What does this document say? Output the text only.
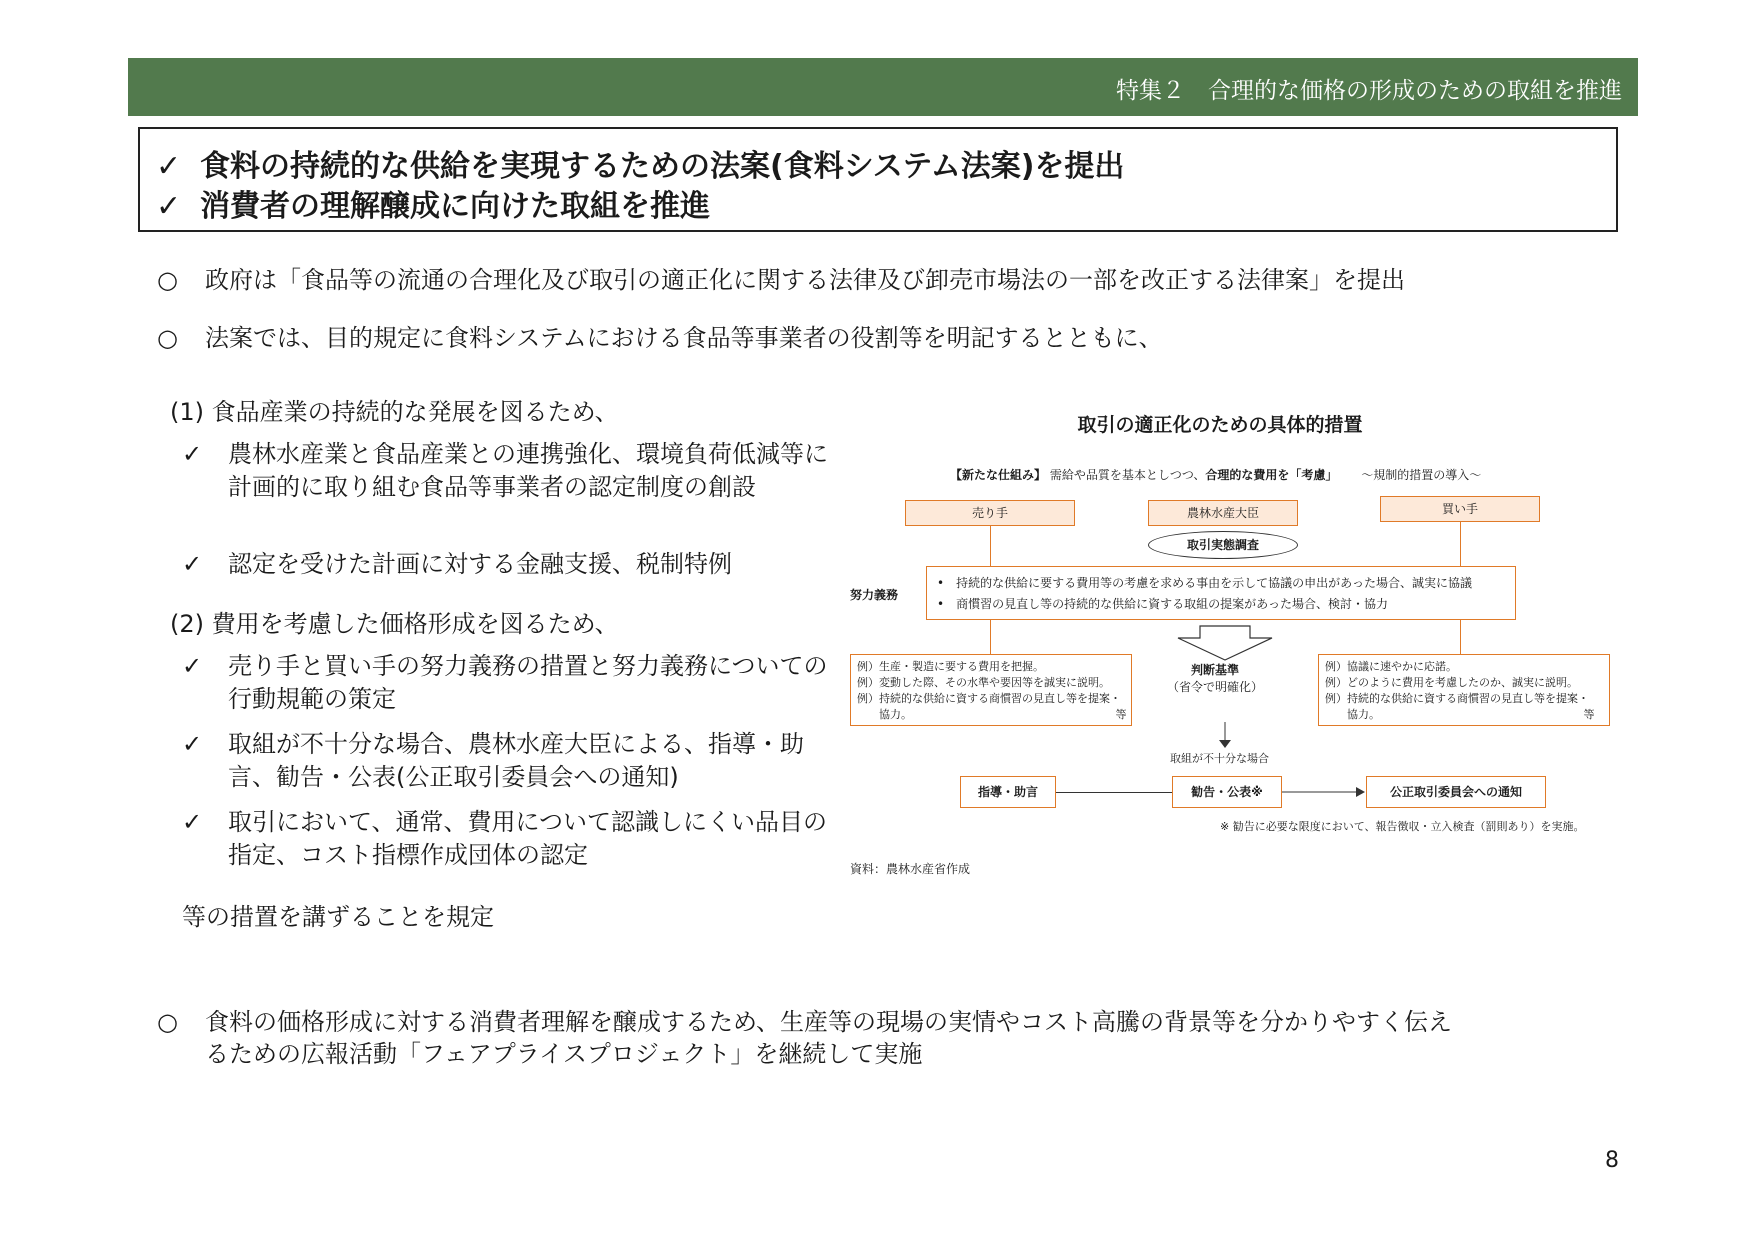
特集２　合理的な価格の形成のための取組を推進
✓ 食料の持続的な供給を実現するための法案(食料システム法案)を提出
✓ 消費者の理解醸成に向けた取組を推進
○ 政府は「食品等の流通の合理化及び取引の適正化に関する法律及び卸売市場法の一部を改正する法律案」を提出
○ 法案では、目的規定に食料システムにおける食品等事業者の役割等を明記するとともに、
(1) 食品産業の持続的な発展を図るため、
✓ 農林水産業と食品産業との連携強化、環境負荷低減等に計画的に取り組む食品等事業者の認定制度の創設
✓ 認定を受けた計画に対する金融支援、税制特例
(2) 費用を考慮した価格形成を図るため、
✓ 売り手と買い手の努力義務の措置と努力義務についての行動規範の策定
✓ 取組が不十分な場合、農林水産大臣による、指導・助言、勧告・公表(公正取引委員会への通知)
✓ 取引において、通常、費用について認識しにくい品目の指定、コスト指標作成団体の認定
等の措置を講ずることを規定
取引の適正化のための具体的措置
【新たな仕組み】 需給や品質を基本としつつ、合理的な費用を「考慮」 ～規制的措置の導入～
売り手	農林水産大臣	買い手
取引実態調査
努力義務
•　持続的な供給に要する費用等の考慮を求める事由を示して協議の申出があった場合、誠実に協議
•　商慣習の見直し等の持続的な供給に資する取組の提案があった場合、検討・協力
例）生産・製造に要する費用を把握。
例）変動した際、その水準や要因等を誠実に説明。
例）持続的な供給に資する商慣習の見直し等を提案・
　　協力。　　　　　　　　　　　　　　　　　　　等
例）協議に速やかに応諾。
例）どのように費用を考慮したのか、誠実に説明。
例）持続的な供給に資する商慣習の見直し等を提案・
　　協力。　　　　　　　　　　　　　　　　　　　等
判断基準
（省令で明確化）
取組が不十分な場合
指導・助言	勧告・公表※	公正取引委員会への通知
※ 勧告に必要な限度において、報告徴収・立入検査（罰則あり）を実施。
資料：農林水産省作成
○ 食料の価格形成に対する消費者理解を醸成するため、生産等の現場の実情やコスト高騰の背景等を分かりやすく伝え
るための広報活動「フェアプライスプロジェクト」を継続して実施
8
